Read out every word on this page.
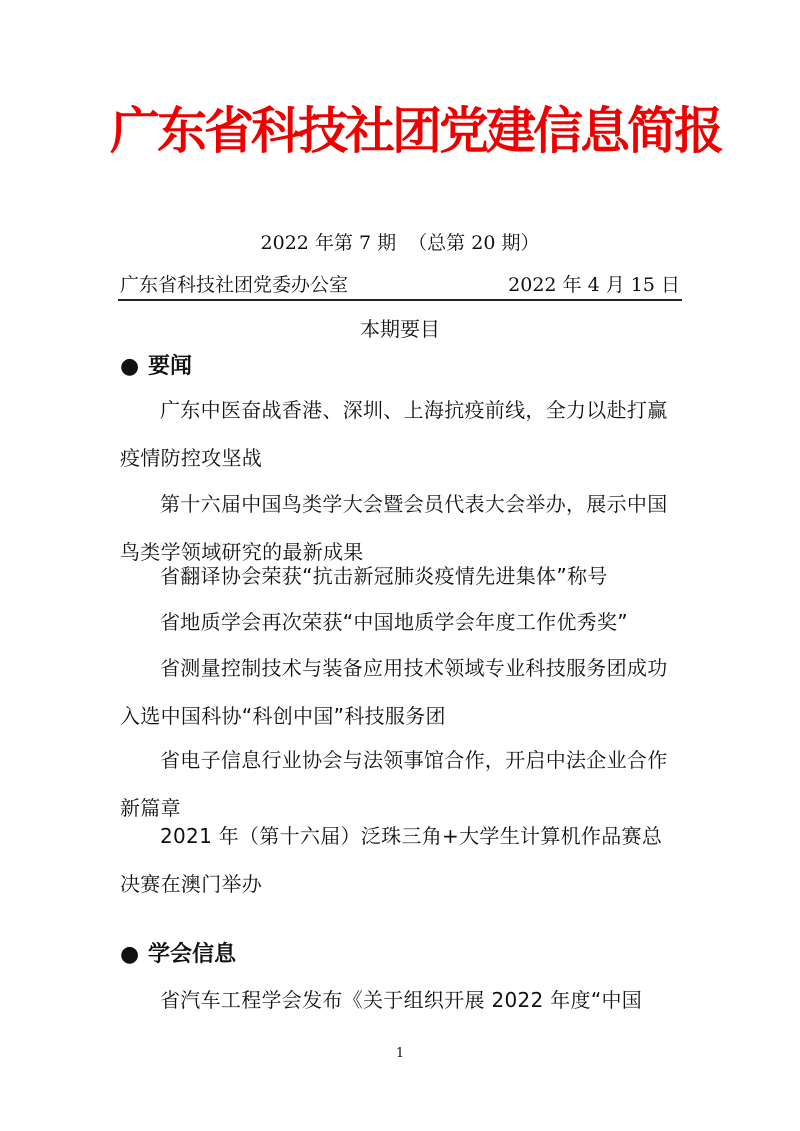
广东省科技社团党建信息简报
2022 年第 7 期  （总第 20 期）
广东省科技社团党委办公室	2022 年 4 月 15 日
本期要目
● 要闻
广东中医奋战香港、深圳、上海抗疫前线，全力以赴打赢疫情防控攻坚战
第十六届中国鸟类学大会暨会员代表大会举办，展示中国鸟类学领域研究的最新成果
省翻译协会荣获“抗击新冠肺炎疫情先进集体”称号
省地质学会再次荣获“中国地质学会年度工作优秀奖”
省测量控制技术与装备应用技术领域专业科技服务团成功入选中国科协“科创中国”科技服务团
省电子信息行业协会与法领事馆合作，开启中法企业合作新篇章
2021 年（第十六届）泛珠三角+大学生计算机作品赛总决赛在澳门举办
● 学会信息
省汽车工程学会发布《关于组织开展 2022 年度“中国
1
